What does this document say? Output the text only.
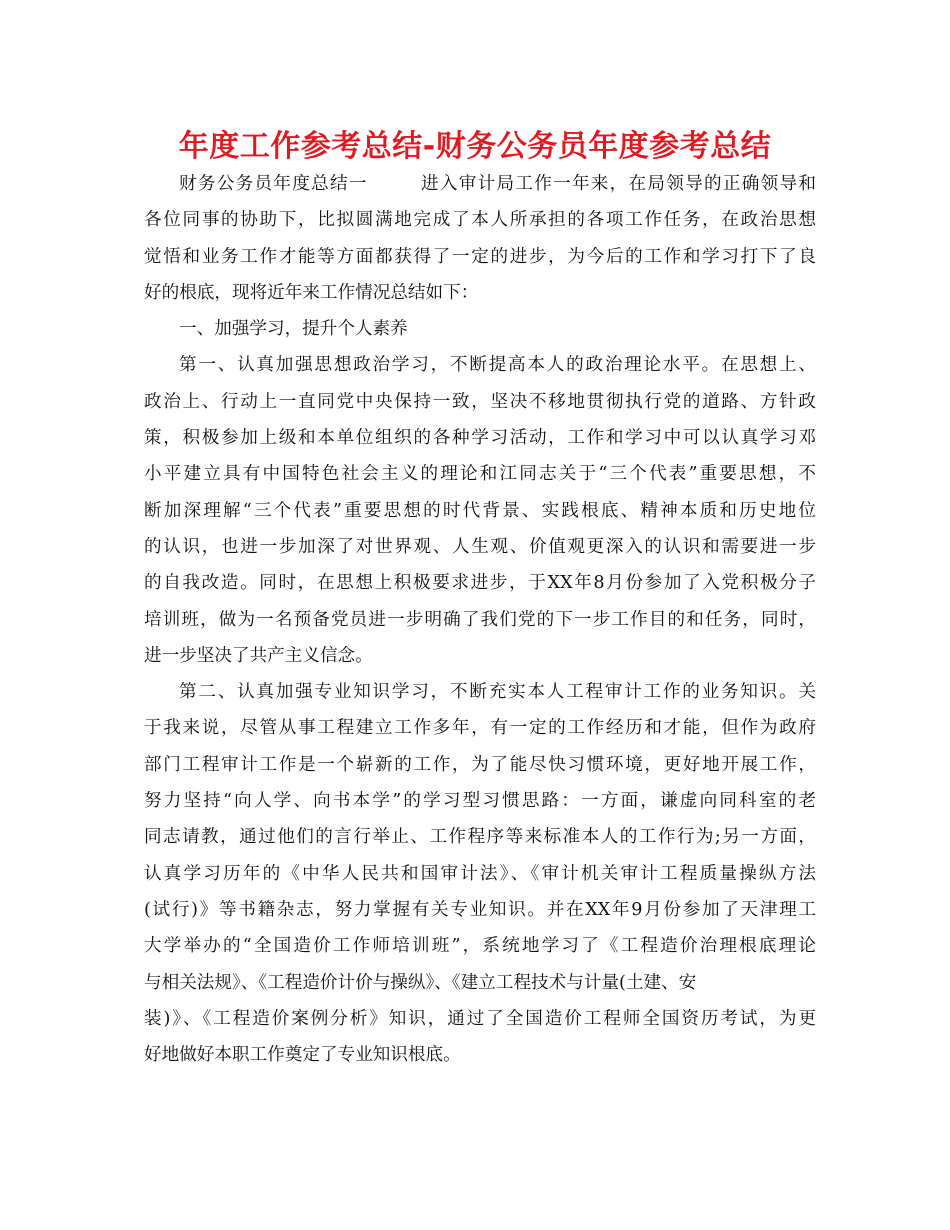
年度工作参考总结-财务公务员年度参考总结
财务公务员年度总结一	进入审计局工作一年来，在局领导的正确领导和
各位同事的协助下，比拟圆满地完成了本人所承担的各项工作任务，在政治思想
觉悟和业务工作才能等方面都获得了一定的进步，为今后的工作和学习打下了良
好的根底，现将近年来工作情况总结如下：
一、加强学习，提升个人素养
第一、认真加强思想政治学习，不断提高本人的政治理论水平。在思想上、
政治上、行动上一直同党中央保持一致，坚决不移地贯彻执行党的道路、方针政
策，积极参加上级和本单位组织的各种学习活动，工作和学习中可以认真学习邓
小平建立具有中国特色社会主义的理论和江同志关于“三个代表”重要思想，不
断加深理解“三个代表”重要思想的时代背景、实践根底、精神本质和历史地位
的认识，也进一步加深了对世界观、人生观、价值观更深入的认识和需要进一步
的自我改造。同时，在思想上积极要求进步，于XX年8月份参加了入党积极分子
培训班，做为一名预备党员进一步明确了我们党的下一步工作目的和任务，同时，
进一步坚决了共产主义信念。
第二、认真加强专业知识学习，不断充实本人工程审计工作的业务知识。关
于我来说，尽管从事工程建立工作多年，有一定的工作经历和才能，但作为政府
部门工程审计工作是一个崭新的工作，为了能尽快习惯环境，更好地开展工作，
努力坚持“向人学、向书本学”的学习型习惯思路：一方面，谦虚向同科室的老
同志请教，通过他们的言行举止、工作程序等来标准本人的工作行为;另一方面，
认真学习历年的《中华人民共和国审计法》、《审计机关审计工程质量操纵方法
(试行)》等书籍杂志，努力掌握有关专业知识。并在XX年9月份参加了天津理工
大学举办的“全国造价工作师培训班”，系统地学习了《工程造价治理根底理论
与相关法规》、《工程造价计价与操纵》、《建立工程技术与计量(土建、安
装)》、《工程造价案例分析》知识，通过了全国造价工程师全国资历考试，为更
好地做好本职工作奠定了专业知识根底。
